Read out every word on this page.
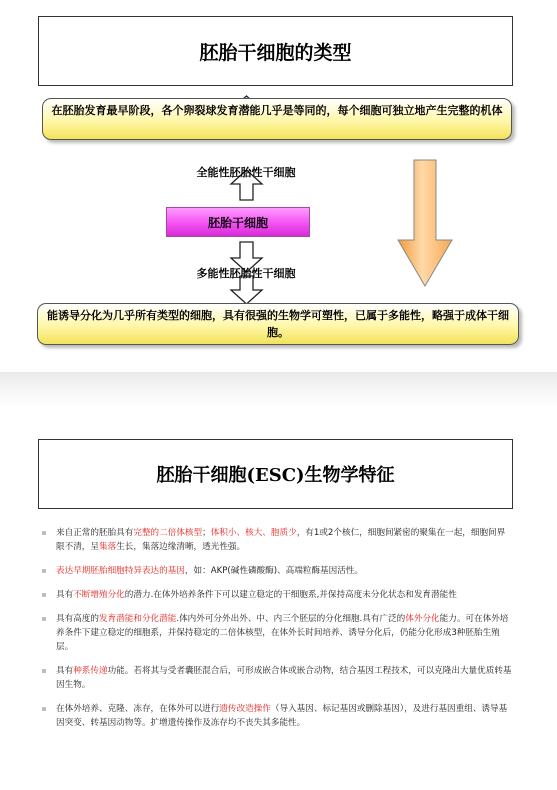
胚胎干细胞的类型
在胚胎发育最早阶段，各个卵裂球发育潜能几乎是等同的，每个细胞可独立地产生完整的机体
全能性胚胎性干细胞
胚胎干细胞
多能性胚胎性干细胞
能诱导分化为几乎所有类型的细胞，具有很强的生物学可塑性，已属于多能性，略强于成体干细胞。
胚胎干细胞(ESC)生物学特征
来自正常的胚胎具有完整的二倍体核型；体积小、核大、胞质少，有1或2个核仁，细胞间紧密的聚集在一起，细胞间界限不清，呈集落生长，集落边缘清晰，透光性强。
表达早期胚胎细胞特异表达的基因，如：AKP(碱性磷酸酶)、高端粒酶基因活性。
具有不断增殖分化的潜力.在体外培养条件下可以建立稳定的干细胞系,并保持高度未分化状态和发育潜能性
具有高度的发育潜能和分化潜能.体内外可分外出外、中、内三个胚层的分化细胞.具有广泛的体外分化能力。可在体外培养条件下建立稳定的细胞系，并保持稳定的二倍体核型，在体外长时间培养、诱导分化后，仍能分化形成3种胚胎生殖层。
具有种系传递功能。若将其与受者囊胚混合后，可形成嵌合体或嵌合动物，结合基因工程技术，可以克隆出大量优质转基因生物。
在体外培养、克隆、冻存，在体外可以进行遗传改造操作（导入基因、标记基因或删除基因），及进行基因重组、诱导基因突变、转基因动物等。扩增遗传操作及冻存均不丧失其多能性。
